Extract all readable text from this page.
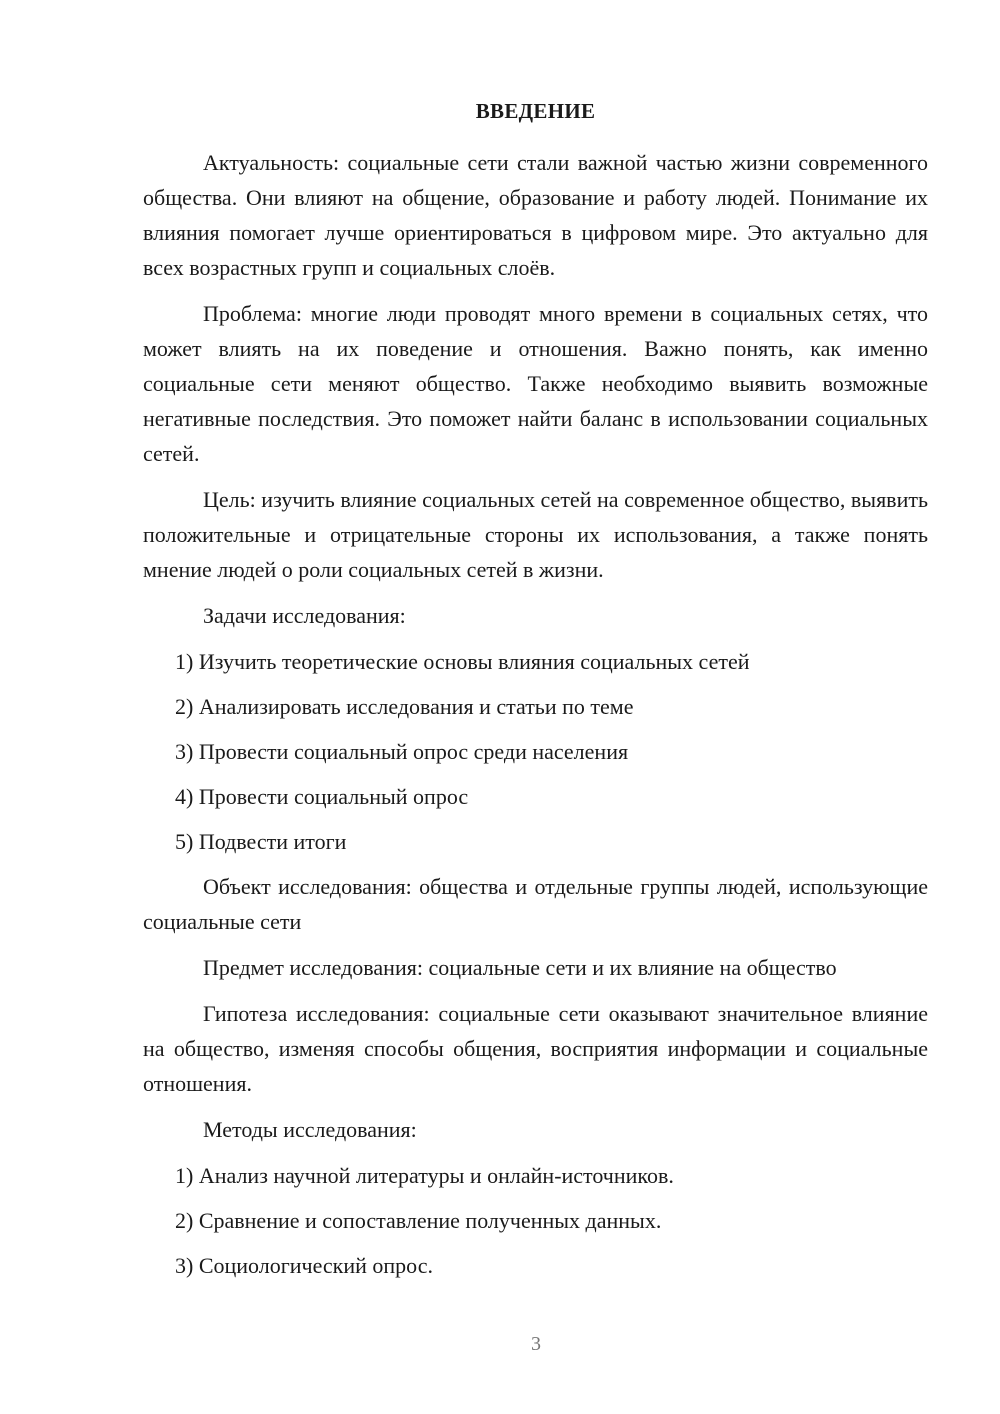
ВВЕДЕНИЕ

Актуальность: социальные сети стали важной частью жизни современного общества. Они влияют на общение, образование и работу людей. Понимание их влияния помогает лучше ориентироваться в цифровом мире. Это актуально для всех возрастных групп и социальных слоёв.

Проблема: многие люди проводят много времени в социальных сетях, что может влиять на их поведение и отношения. Важно понять, как именно социальные сети меняют общество. Также необходимо выявить возможные негативные последствия. Это поможет найти баланс в использовании социальных сетей.

Цель: изучить влияние социальных сетей на современное общество, выявить положительные и отрицательные стороны их использования, а также понять мнение людей о роли социальных сетей в жизни.

Задачи исследования:

1) Изучить теоретические основы влияния социальных сетей
2) Анализировать исследования и статьи по теме
3) Провести социальный опрос среди населения
4) Провести социальный опрос
5) Подвести итоги

Объект исследования: общества и отдельные группы людей, использующие социальные сети

Предмет исследования: социальные сети и их влияние на общество

Гипотеза исследования: социальные сети оказывают значительное влияние на общество, изменяя способы общения, восприятия информации и социальные отношения.

Методы исследования:

1) Анализ научной литературы и онлайн-источников.
2) Сравнение и сопоставление полученных данных.
3) Социологический опрос.
3
